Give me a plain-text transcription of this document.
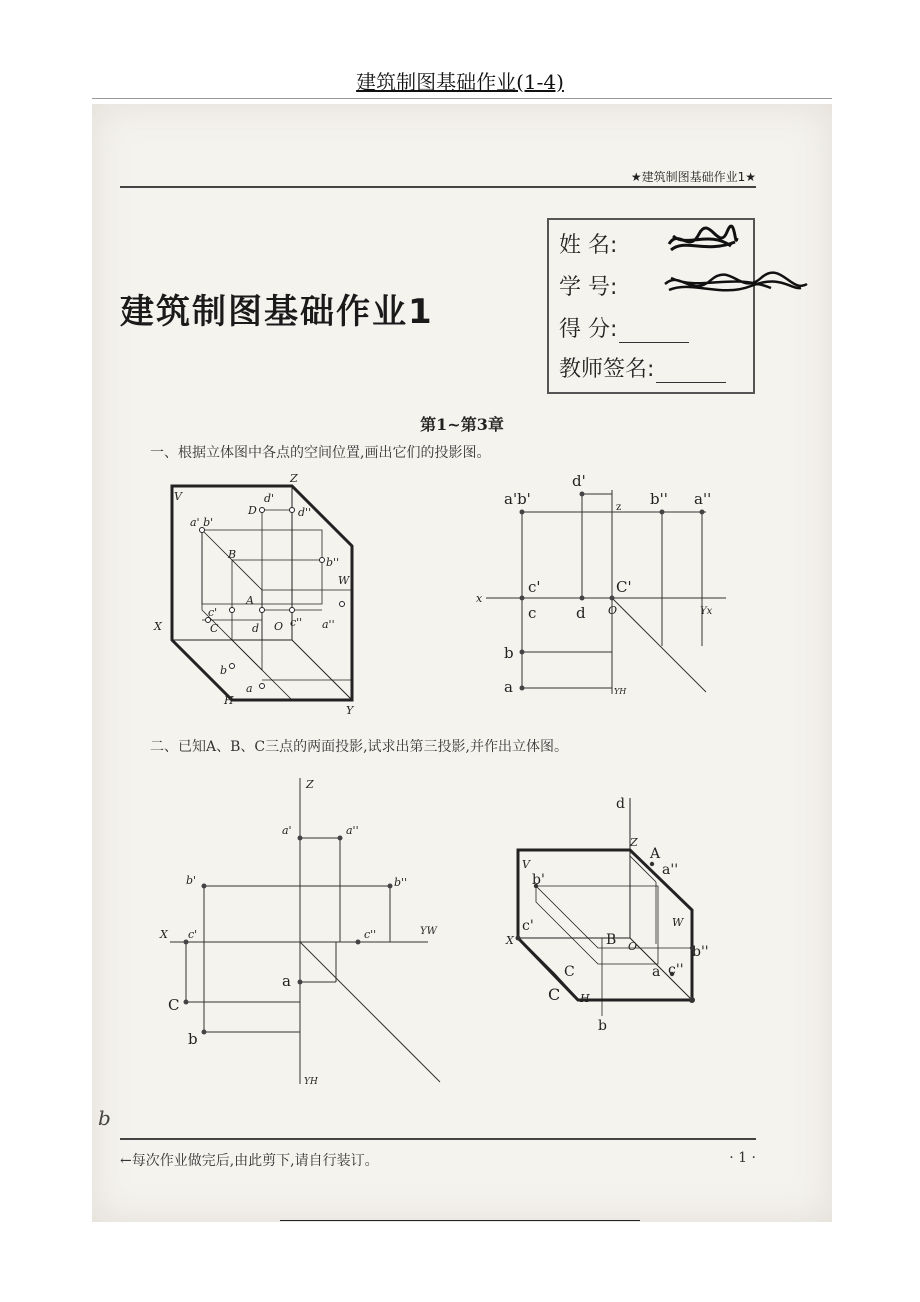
建筑制图基础作业(1-4)
★建筑制图基础作业1★
建筑制图基础作业1
姓 名:
学 号:
得 分:
教师签名:
第1~第3章
一、根据立体图中各点的空间位置,画出它们的投影图。
V
Z
D
d'
d''
a' b'
B
b''
W
A
X
c'
C	d O c'' a''
b
H
a
Y
a'b'
d'
z b'' a''
x
c'
c	d
C'
O	Yx
b
a	YH
二、已知A、B、C三点的两面投影,试求出第三投影,并作出立体图。
Z
a'	a''
b'	b''
X c'	c''	YW
a
C
b
YH
d
Z
A
a''
V
b'
W
c'
X	B O	b''
C	a c''
H
C
b
b
←每次作业做完后,由此剪下,请自行装订。	· 1 ·
